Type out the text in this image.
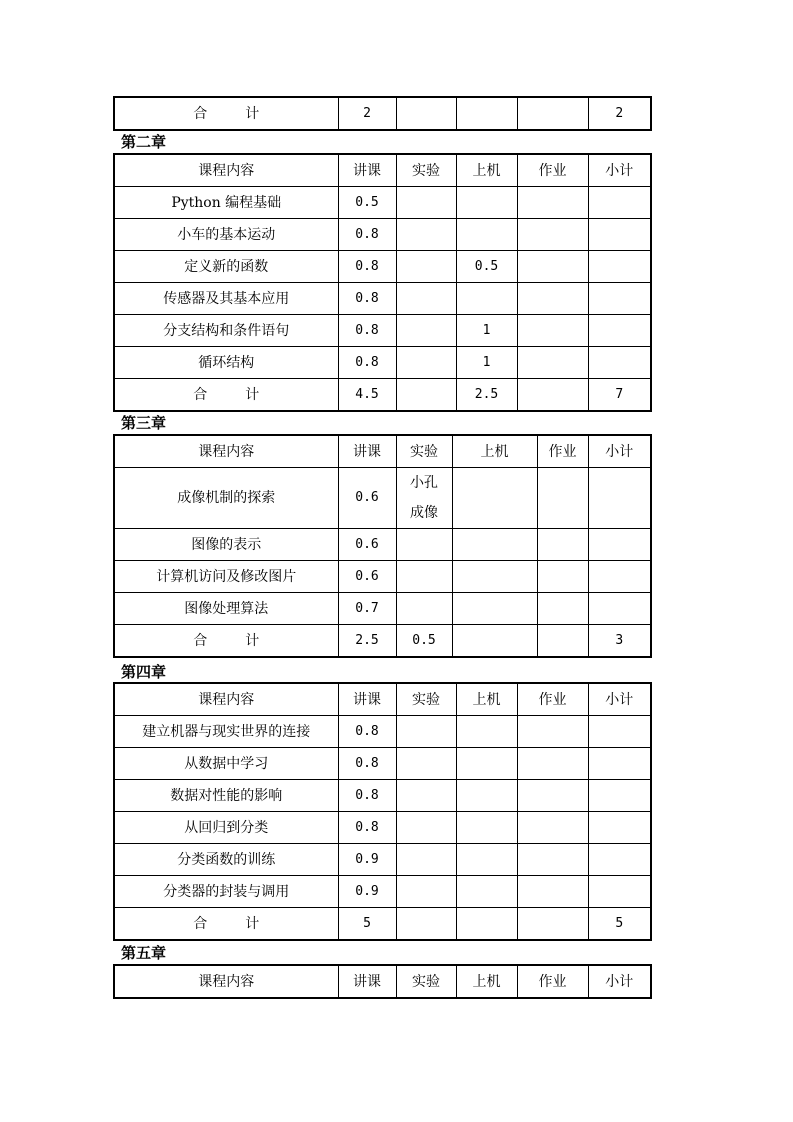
合	计	2				2
第二章
课程内容	讲课	实验	上机	作业	小计
Python 编程基础	0.5				
小车的基本运动	0.8				
定义新的函数	0.8		0.5		
传感器及其基本应用	0.8				
分支结构和条件语句	0.8		1		
循环结构	0.8		1		
合 计	4.5		2.5		7
第三章
课程内容	讲课	实验	上机	作业	小计
成像机制的探索	0.6	小孔
成像			

图像的表示	0.6				
计算机访问及修改图片	0.6				
图像处理算法	0.7				
合 计	2.5	0.5			3
第四章
课程内容	讲课	实验	上机	作业	小计
建立机器与现实世界的连接	0.8				
从数据中学习	0.8				
数据对性能的影响	0.8				
从回归到分类	0.8				
分类函数的训练	0.9				
分类器的封装与调用	0.9				
合 计	5				5
第五章
课程内容	讲课	实验	上机	作业	小计
